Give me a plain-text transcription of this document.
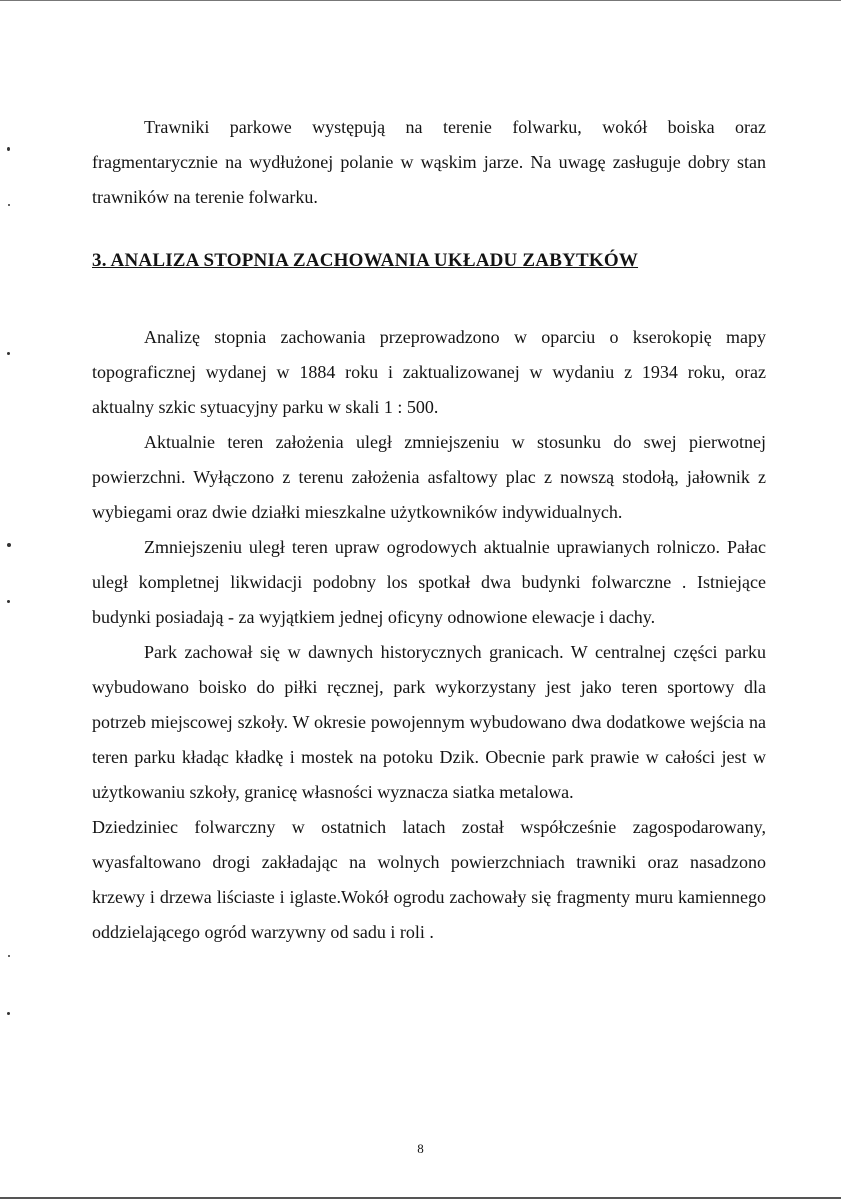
Trawniki parkowe występują na terenie folwarku, wokół boiska oraz fragmentarycznie na wydłużonej polanie w wąskim jarze. Na uwagę zasługuje dobry stan trawników na terenie folwarku.

3. ANALIZA STOPNIA ZACHOWANIA UKŁADU ZABYTKÓW

Analizę stopnia zachowania przeprowadzono w oparciu o kserokopię mapy topograficznej wydanej w 1884 roku i zaktualizowanej w wydaniu z 1934 roku, oraz aktualny szkic sytuacyjny parku w skali 1 : 500.

Aktualnie teren założenia uległ zmniejszeniu w stosunku do swej pierwotnej powierzchni. Wyłączono z terenu założenia asfaltowy plac z nowszą stodołą, jałownik z wybiegami oraz dwie działki mieszkalne użytkowników indywidualnych.

Zmniejszeniu uległ teren upraw ogrodowych aktualnie uprawianych rolniczo. Pałac uległ kompletnej likwidacji podobny los spotkał dwa budynki folwarczne . Istniejące budynki posiadają - za wyjątkiem jednej oficyny odnowione elewacje i dachy.

Park zachował się w dawnych historycznych granicach. W centralnej części parku wybudowano boisko do piłki ręcznej, park wykorzystany jest jako teren sportowy dla potrzeb miejscowej szkoły. W okresie powojennym wybudowano dwa dodatkowe wejścia na teren parku kładąc kładkę i mostek na potoku Dzik. Obecnie park prawie w całości jest w użytkowaniu szkoły, granicę własności wyznacza siatka metalowa.

Dziedziniec folwarczny w ostatnich latach został współcześnie zagospodarowany, wyasfaltowano drogi zakładając na wolnych powierzchniach trawniki oraz nasadzono krzewy i drzewa liściaste i iglaste.Wokół ogrodu zachowały się fragmenty muru kamiennego oddzielającego ogród warzywny od sadu i roli .

8
